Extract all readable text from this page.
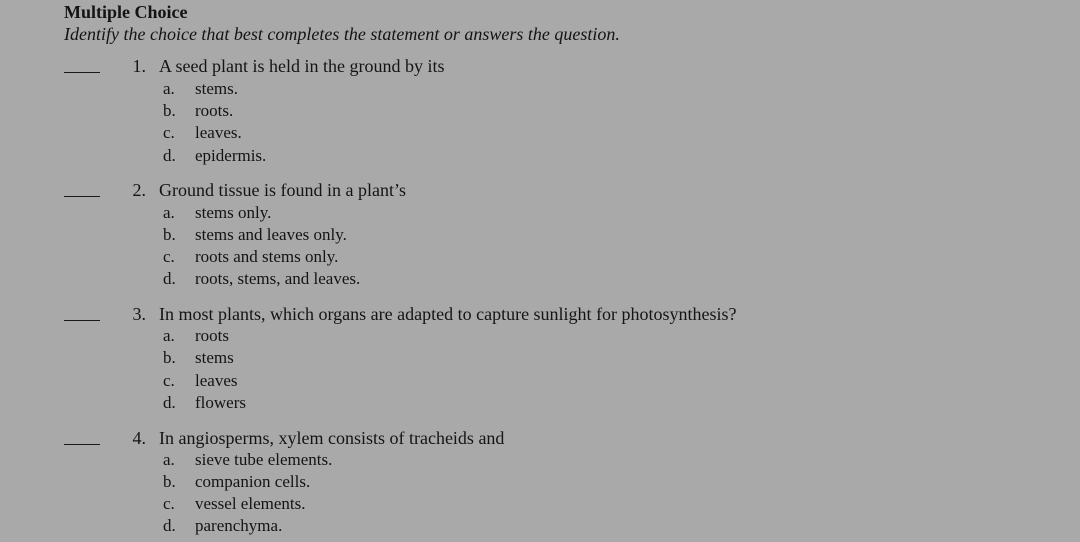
Multiple Choice
Identify the choice that best completes the statement or answers the question.
1. A seed plant is held in the ground by its
a. stems.
b. roots.
c. leaves.
d. epidermis.
2. Ground tissue is found in a plant’s
a. stems only.
b. stems and leaves only.
c. roots and stems only.
d. roots, stems, and leaves.
3. In most plants, which organs are adapted to capture sunlight for photosynthesis?
a. roots
b. stems
c. leaves
d. flowers
4. In angiosperms, xylem consists of tracheids and
a. sieve tube elements.
b. companion cells.
c. vessel elements.
d. parenchyma.
